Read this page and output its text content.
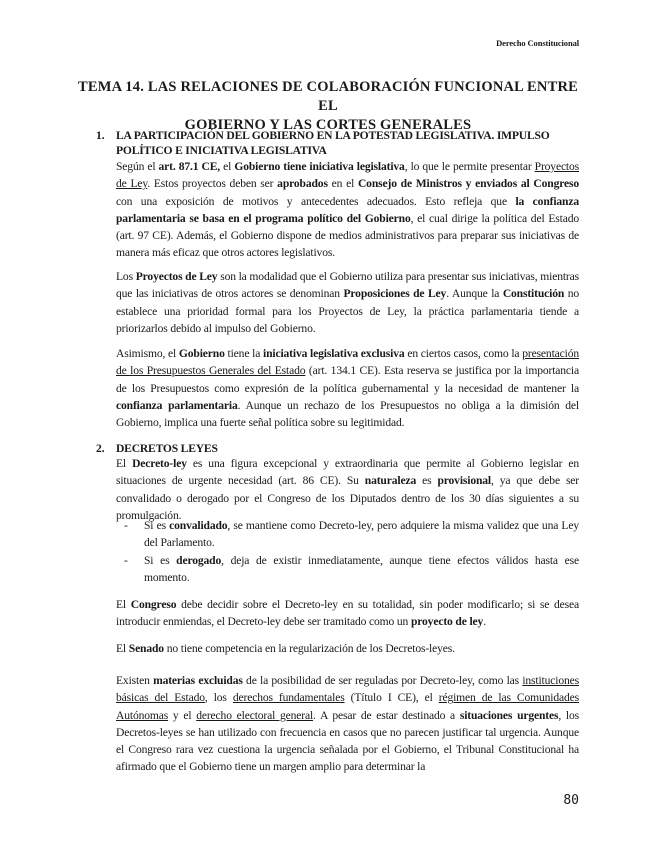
Derecho Constitucional
TEMA 14. LAS RELACIONES DE COLABORACIÓN FUNCIONAL ENTRE EL
GOBIERNO Y LAS CORTES GENERALES
1. LA PARTICIPACIÓN DEL GOBIERNO EN LA POTESTAD LEGISLATIVA. IMPULSO POLÍTICO E INICIATIVA LEGISLATIVA
Según el art. 87.1 CE, el Gobierno tiene iniciativa legislativa, lo que le permite presentar Proyectos de Ley. Estos proyectos deben ser aprobados en el Consejo de Ministros y enviados al Congreso con una exposición de motivos y antecedentes adecuados. Esto refleja que la confianza parlamentaria se basa en el programa político del Gobierno, el cual dirige la política del Estado (art. 97 CE). Además, el Gobierno dispone de medios administrativos para preparar sus iniciativas de manera más eficaz que otros actores legislativos.
Los Proyectos de Ley son la modalidad que el Gobierno utiliza para presentar sus iniciativas, mientras que las iniciativas de otros actores se denominan Proposiciones de Ley. Aunque la Constitución no establece una prioridad formal para los Proyectos de Ley, la práctica parlamentaria tiende a priorizarlos debido al impulso del Gobierno.
Asimismo, el Gobierno tiene la iniciativa legislativa exclusiva en ciertos casos, como la presentación de los Presupuestos Generales del Estado (art. 134.1 CE). Esta reserva se justifica por la importancia de los Presupuestos como expresión de la política gubernamental y la necesidad de mantener la confianza parlamentaria. Aunque un rechazo de los Presupuestos no obliga a la dimisión del Gobierno, implica una fuerte señal política sobre su legitimidad.
2. DECRETOS LEYES
El Decreto-ley es una figura excepcional y extraordinaria que permite al Gobierno legislar en situaciones de urgente necesidad (art. 86 CE). Su naturaleza es provisional, ya que debe ser convalidado o derogado por el Congreso de los Diputados dentro de los 30 días siguientes a su promulgación.
- Si es convalidado, se mantiene como Decreto-ley, pero adquiere la misma validez que una Ley del Parlamento.
- Si es derogado, deja de existir inmediatamente, aunque tiene efectos válidos hasta ese momento.
El Congreso debe decidir sobre el Decreto-ley en su totalidad, sin poder modificarlo; si se desea introducir enmiendas, el Decreto-ley debe ser tramitado como un proyecto de ley.
El Senado no tiene competencia en la regularización de los Decretos-leyes.
Existen materias excluidas de la posibilidad de ser reguladas por Decreto-ley, como las instituciones básicas del Estado, los derechos fundamentales (Título I CE), el régimen de las Comunidades Autónomas y el derecho electoral general. A pesar de estar destinado a situaciones urgentes, los Decretos-leyes se han utilizado con frecuencia en casos que no parecen justificar tal urgencia. Aunque el Congreso rara vez cuestiona la urgencia señalada por el Gobierno, el Tribunal Constitucional ha afirmado que el Gobierno tiene un margen amplio para determinar la
80
